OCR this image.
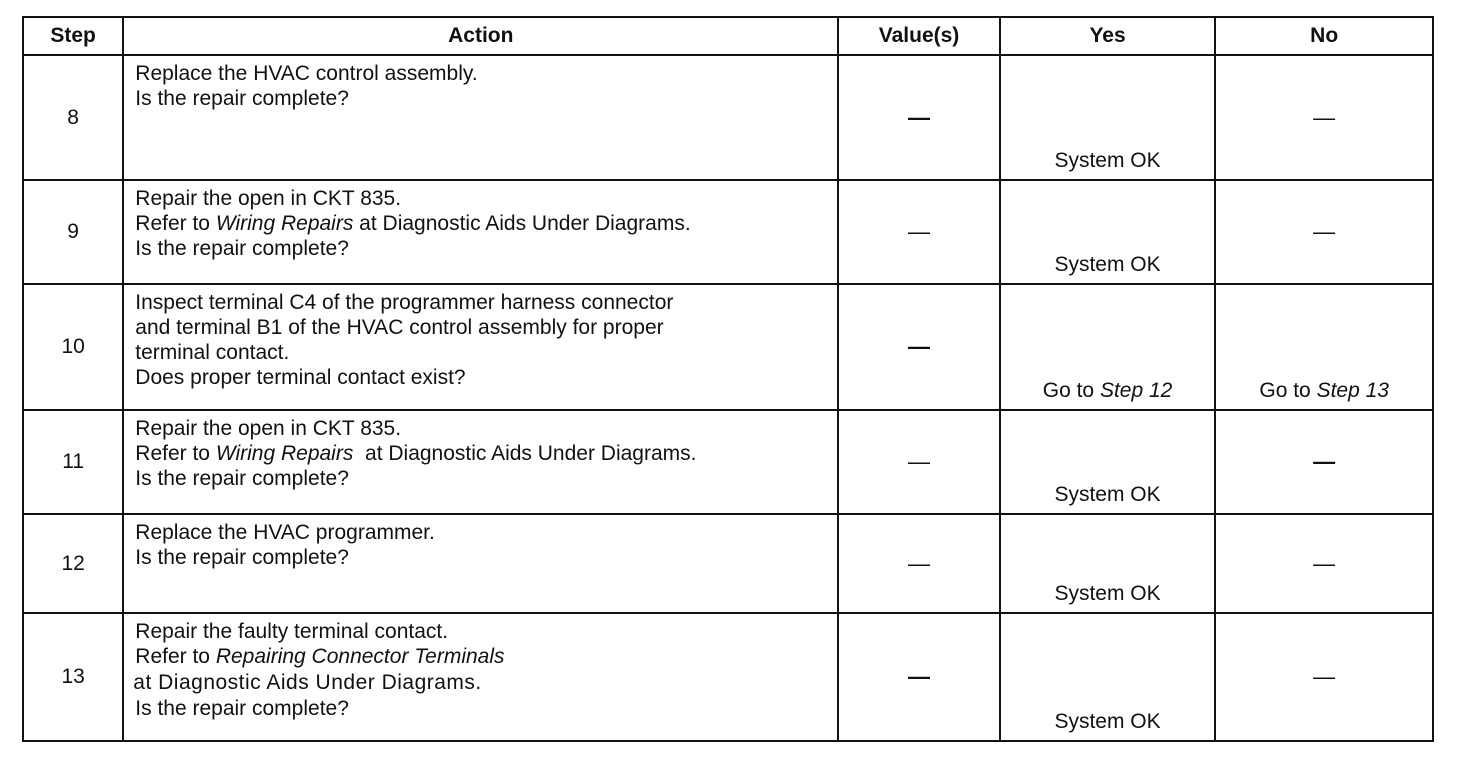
Step	Action	Value(s)	Yes	No
8	Replace the HVAC control assembly.
Is the repair complete?	—	System OK	—
9	Repair the open in CKT 835.
Refer to Wiring Repairs at Diagnostic Aids Under Diagrams.
Is the repair complete?	—	System OK	—
10	Inspect terminal C4 of the programmer harness connector
and terminal B1 of the HVAC control assembly for proper
terminal contact.
Does proper terminal contact exist?	—	Go to Step 12	Go to Step 13

11	Repair the open in CKT 835.
Refer to Wiring Repairs  at Diagnostic Aids Under Diagrams.
Is the repair complete?	—	System OK	—
12	Replace the HVAC programmer.
Is the repair complete?	—	System OK	—
13	Repair the faulty terminal contact.
Refer to Repairing Connector Terminals
at Diagnostic Aids Under Diagrams.
Is the repair complete?	—	System OK	—
